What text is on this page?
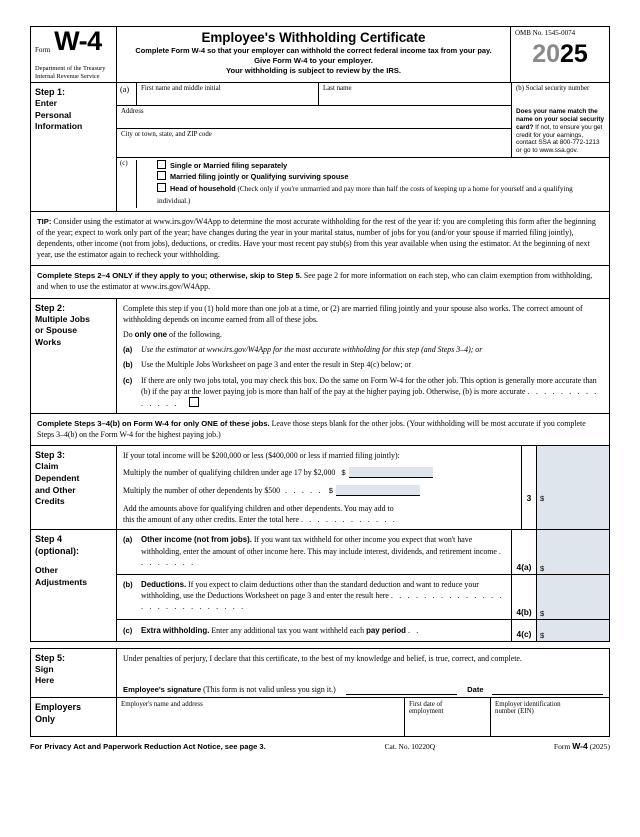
Form W-4
Department of the Treasury
Internal Revenue Service
Employee's Withholding Certificate
Complete Form W-4 so that your employer can withhold the correct federal income tax from your pay.
Give Form W-4 to your employer.
Your withholding is subject to review by the IRS.
OMB No. 1545-0074
2025
Step 1:
Enter
Personal
Information
(a)	First name and middle initial	Last name
Address
City or town, state, and ZIP code
(b) Social security number
Does your name match the name on your social security card? If not, to ensure you get credit for your earnings, contact SSA at 800-772-1213 or go to www.ssa.gov.
(c)	Single or Married filing separately
Married filing jointly or Qualifying surviving spouse
Head of household (Check only if you're unmarried and pay more than half the costs of keeping up a home for yourself and a qualifying individual.)
TIP: Consider using the estimator at www.irs.gov/W4App to determine the most accurate withholding for the rest of the year if: you are completing this form after the beginning of the year; expect to work only part of the year; have changes during the year in your marital status, number of jobs for you (and/or your spouse if married filing jointly), dependents, other income (not from jobs), deductions, or credits. Have your most recent pay stub(s) from this year available when using the estimator. At the beginning of next year, use the estimator again to recheck your withholding.
Complete Steps 2–4 ONLY if they apply to you; otherwise, skip to Step 5. See page 2 for more information on each step, who can claim exemption from withholding, and when to use the estimator at www.irs.gov/W4App.
Step 2:
Multiple Jobs
or Spouse
Works

Complete this step if you (1) hold more than one job at a time, or (2) are married filing jointly and your spouse also works. The correct amount of withholding depends on income earned from all of these jobs.

Do only one of the following.

(a) Use the estimator at www.irs.gov/W4App for the most accurate withholding for this step (and Steps 3–4); or
(b) Use the Multiple Jobs Worksheet on page 3 and enter the result in Step 4(c) below; or
(c) If there are only two jobs total, you may check this box. Do the same on Form W-4 for the other job. This option is generally more accurate than (b) if the pay at the lower paying job is more than half of the pay at the higher paying job. Otherwise, (b) is more accurate . . . . . . . . . . . . . .
Complete Steps 3–4(b) on Form W-4 for only ONE of these jobs. Leave those steps blank for the other jobs. (Your withholding will be most accurate if you complete Steps 3–4(b) on the Form W-4 for the highest paying job.)
Step 3:
Claim
Dependent
and Other
Credits
If your total income will be $200,000 or less ($400,000 or less if married filing jointly):
Multiply the number of qualifying children under age 17 by $2,000 $
Multiply the number of other dependents by $500 . . . . . $
Add the amounts above for qualifying children and other dependents. You may add to
this the amount of any other credits. Enter the total here . . . . . . . . . . . .
3	$
Step 4
(optional):
Other
Adjustments
(a) Other income (not from jobs). If you want tax withheld for other income you expect that won't have withholding, enter the amount of other income here. This may include interest, dividends, and retirement income . . . . . . . .	4(a)	$
(b) Deductions. If you expect to claim deductions other than the standard deduction and want to reduce your withholding, use the Deductions Worksheet on page 3 and enter the result here . . . . . . . . . . . . . . . . . . . . . . . . . . .	4(b)	$
(c) Extra withholding. Enter any additional tax you want withheld each pay period . .	4(c)	$
Step 5:
Sign
Here
Under penalties of perjury, I declare that this certificate, to the best of my knowledge and belief, is true, correct, and complete.
Employee's signature (This form is not valid unless you sign it.)	Date
Employers
Only
Employer's name and address	First date of
employment
Employer identification
number (EIN)
For Privacy Act and Paperwork Reduction Act Notice, see page 3.	Cat. No. 10220Q	Form W-4 (2025)
